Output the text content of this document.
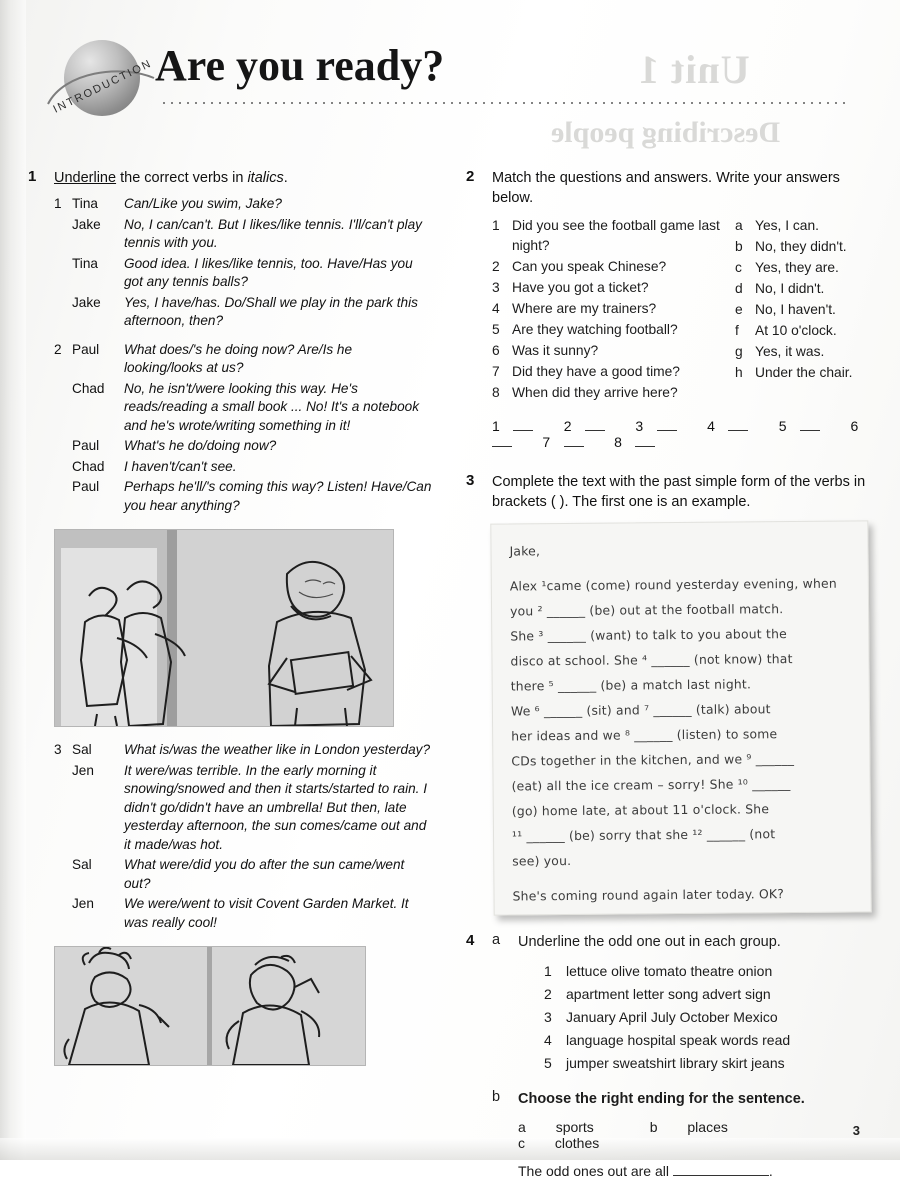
Unit 1
Describing people
INTRODUCTION Are you ready?
1	Underline the correct verbs in italics.
1	Tina	Can/Like you swim, Jake?
	Jake	No, I can/can't. But I likes/like tennis. I'll/can't play tennis with you.
	Tina	Good idea. I likes/like tennis, too. Have/Has you got any tennis balls?
	Jake	Yes, I have/has. Do/Shall we play in the park this afternoon, then?
2	Paul	What does/'s he doing now? Are/Is he looking/looks at us?
	Chad	No, he isn't/were looking this way. He's reads/reading a small book ... No! It's a notebook and he's wrote/writing something in it!
	Paul	What's he do/doing now?
	Chad	I haven't/can't see.
	Paul	Perhaps he'll/'s coming this way? Listen! Have/Can you hear anything?
3	Sal	What is/was the weather like in London yesterday?
	Jen	It were/was terrible. In the early morning it snowing/snowed and then it starts/started to rain. I didn't go/didn't have an umbrella! But then, late yesterday afternoon, the sun comes/came out and it made/was hot.
	Sal	What were/did you do after the sun came/went out?
	Jen	We were/went to visit Covent Garden Market. It was really cool!
2	Match the questions and answers. Write your answers below.
1 Did you see the football game last night?
2 Can you speak Chinese?
3 Have you got a ticket?
4 Where are my trainers?
5 Are they watching football?
6 Was it sunny?
7 Did they have a good time?
8 When did they arrive here?
a Yes, I can.
b No, they didn't.
c Yes, they are.
d No, I didn't.
e No, I haven't.
f	At 10 o'clock.
g Yes, it was.
h Under the chair.
1	2	3	4	5	6 7	8
3	Complete the text with the past simple form of the verbs in brackets ( ). The first one is an example.

Jake,

Alex ¹came (come) round yesterday evening, when

you ² ______ (be) out at the football match.

She ³ ______ (want) to talk to you about the

disco at school. She ⁴ ______ (not know) that

there ⁵ ______ (be) a match last night.

We ⁶ ______ (sit) and ⁷ ______ (talk) about

her ideas and we ⁸ ______ (listen) to some

CDs together in the kitchen, and we ⁹ ______

(eat) all the ice cream – sorry! She ¹⁰ ______

(go) home late, at about 11 o'clock. She

¹¹ ______ (be) sorry that she ¹² ______ (not

see) you.

She's coming round again later today. OK?

4	a	Underline the odd one out in each group.
1	lettuce olive tomato theatre onion
2	apartment letter song advert sign
3	January April July October Mexico
4	language hospital speak words read
5	jumper sweatshirt library skirt jeans
b	Choose the right ending for the sentence.
a sports	b places c clothes
The odd ones out are all	.
3
